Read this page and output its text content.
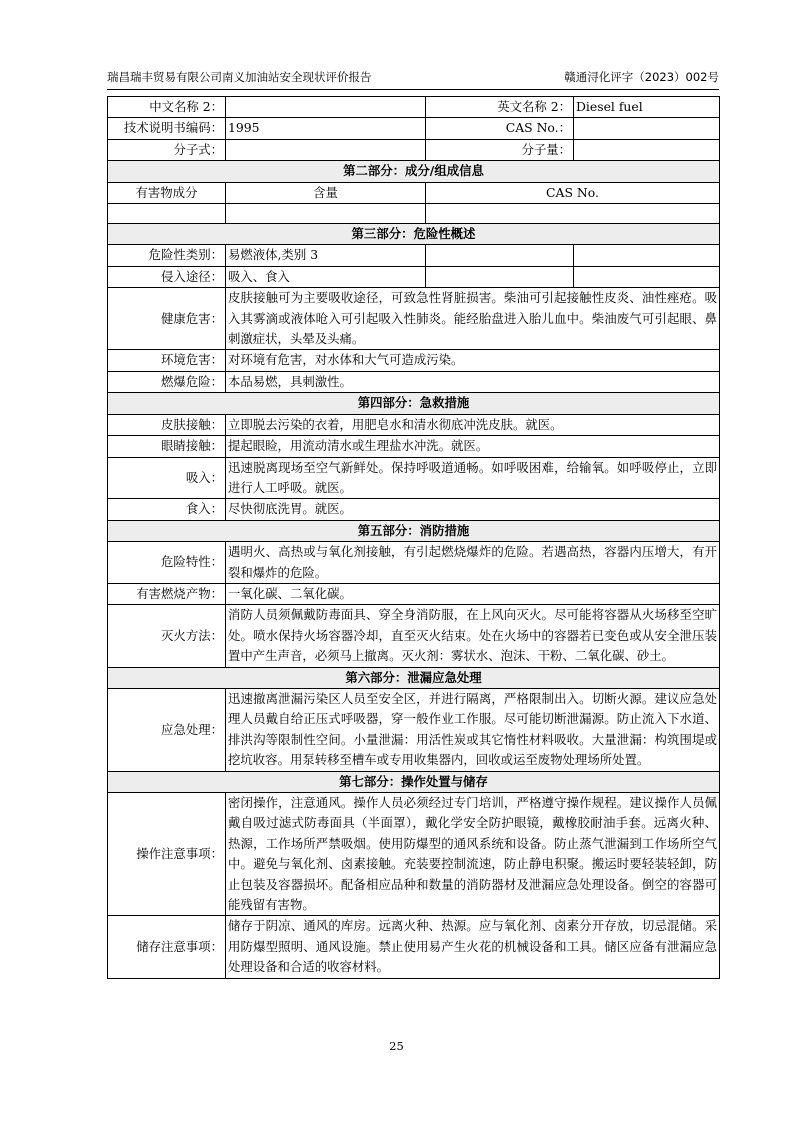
瑞昌瑞丰贸易有限公司南义加油站安全现状评价报告	赣通浔化评字（2023）002号
中文名称 2：		英文名称 2：	Diesel fuel
技术说明书编码：	1995	CAS No.：	
分子式：		分子量：	
第二部分：成分/组成信息			
有害物成分	含量	CAS No.	

第三部分：危险性概述			
危险性类别：	易燃液体,类别 3		
侵入途径：	吸入、食入		
健康危害：	皮肤接触可为主要吸收途径，可致急性肾脏损害。柴油可引起接触性皮炎、油性痤疮。吸入其雾滴或液体呛入可引起吸入性肺炎。能经胎盘进入胎儿血中。柴油废气可引起眼、鼻刺激症状，头晕及头痛。		
环境危害：	对环境有危害，对水体和大气可造成污染。		
燃爆危险：	本品易燃，具刺激性。		
第四部分：急救措施			
皮肤接触：	立即脱去污染的衣着，用肥皂水和清水彻底冲洗皮肤。就医。		
眼睛接触：	提起眼睑，用流动清水或生理盐水冲洗。就医。		
吸入：	迅速脱离现场至空气新鲜处。保持呼吸道通畅。如呼吸困难，给输氧。如呼吸停止，立即进行人工呼吸。就医。		
食入：	尽快彻底洗胃。就医。		
第五部分：消防措施			
危险特性：	遇明火、高热或与氧化剂接触，有引起燃烧爆炸的危险。若遇高热，容器内压增大，有开裂和爆炸的危险。		
有害燃烧产物：	一氧化碳、二氧化碳。		
灭火方法：	消防人员须佩戴防毒面具、穿全身消防服，在上风向灭火。尽可能将容器从火场移至空旷处。喷水保持火场容器冷却，直至灭火结束。处在火场中的容器若已变色或从安全泄压装置中产生声音，必须马上撤离。灭火剂：雾状水、泡沫、干粉、二氧化碳、砂土。		
第六部分：泄漏应急处理			
应急处理：	迅速撤离泄漏污染区人员至安全区，并进行隔离，严格限制出入。切断火源。建议应急处理人员戴自给正压式呼吸器，穿一般作业工作服。尽可能切断泄漏源。防止流入下水道、排洪沟等限制性空间。小量泄漏：用活性炭或其它惰性材料吸收。大量泄漏：构筑围堤或挖坑收容。用泵转移至槽车或专用收集器内，回收或运至废物处理场所处置。		
第七部分：操作处置与储存			
操作注意事项：	密闭操作，注意通风。操作人员必须经过专门培训，严格遵守操作规程。建议操作人员佩戴自吸过滤式防毒面具（半面罩），戴化学安全防护眼镜，戴橡胶耐油手套。远离火种、热源，工作场所严禁吸烟。使用防爆型的通风系统和设备。防止蒸气泄漏到工作场所空气中。避免与氧化剂、卤素接触。充装要控制流速，防止静电积聚。搬运时要轻装轻卸，防止包装及容器损坏。配备相应品种和数量的消防器材及泄漏应急处理设备。倒空的容器可能残留有害物。		
储存注意事项：	储存于阴凉、通风的库房。远离火种、热源。应与氧化剂、卤素分开存放，切忌混储。采用防爆型照明、通风设施。禁止使用易产生火花的机械设备和工具。储区应备有泄漏应急处理设备和合适的收容材料。		
25
